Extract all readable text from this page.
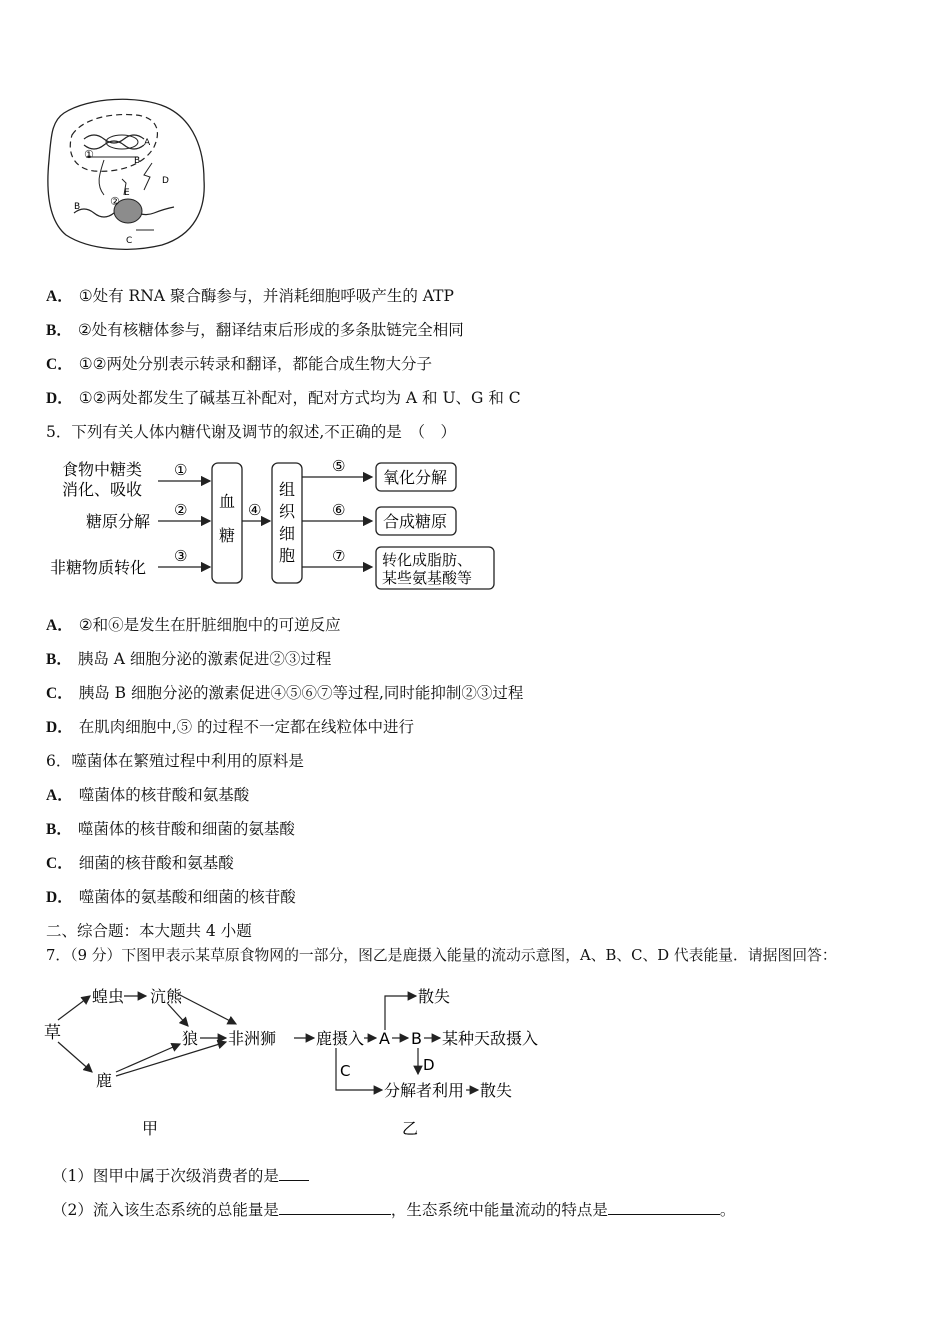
①
②
A
B
B
C
D
E
A． ①处有 RNA 聚合酶参与，并消耗细胞呼吸产生的 ATP
B． ②处有核糖体参与，翻译结束后形成的多条肽链完全相同
C． ①②两处分别表示转录和翻译，都能合成生物大分子
D． ①②两处都发生了碱基互补配对，配对方式均为 A 和 U、G 和 C
5．下列有关人体内糖代谢及调节的叙述,不正确的是　（　）
食物中糖类
消化、吸收
糖原分解
非糖物质转化
①
②
③
血
糖
④
组
织
细
胞
⑤
⑥
⑦
氧化分解
合成糖原
转化成脂肪、
某些氨基酸等
A． ②和⑥是发生在肝脏细胞中的可逆反应
B． 胰岛 A 细胞分泌的激素促进②③过程
C． 胰岛 B 细胞分泌的激素促进④⑤⑥⑦等过程,同时能抑制②③过程
D． 在肌肉细胞中,⑤ 的过程不一定都在线粒体中进行
6．噬菌体在繁殖过程中利用的原料是
A． 噬菌体的核苷酸和氨基酸
B． 噬菌体的核苷酸和细菌的氨基酸
C． 细菌的核苷酸和氨基酸
D． 噬菌体的氨基酸和细菌的核苷酸
二、综合题：本大题共 4 小题
7．（9 分）下图甲表示某草原食物网的一部分，图乙是鹿摄入能量的流动示意图，A、B、C、D 代表能量．请据图回答：
草
蝗虫 沆熊
狼 非洲狮
鹿
甲
鹿摄入 A B 某种天敌摄入
散失
D
C
分解者利用 散失
乙
（1）图甲中属于次级消费者的是
（2）流入该生态系统的总能量是	，生态系统中能量流动的特点是	。
